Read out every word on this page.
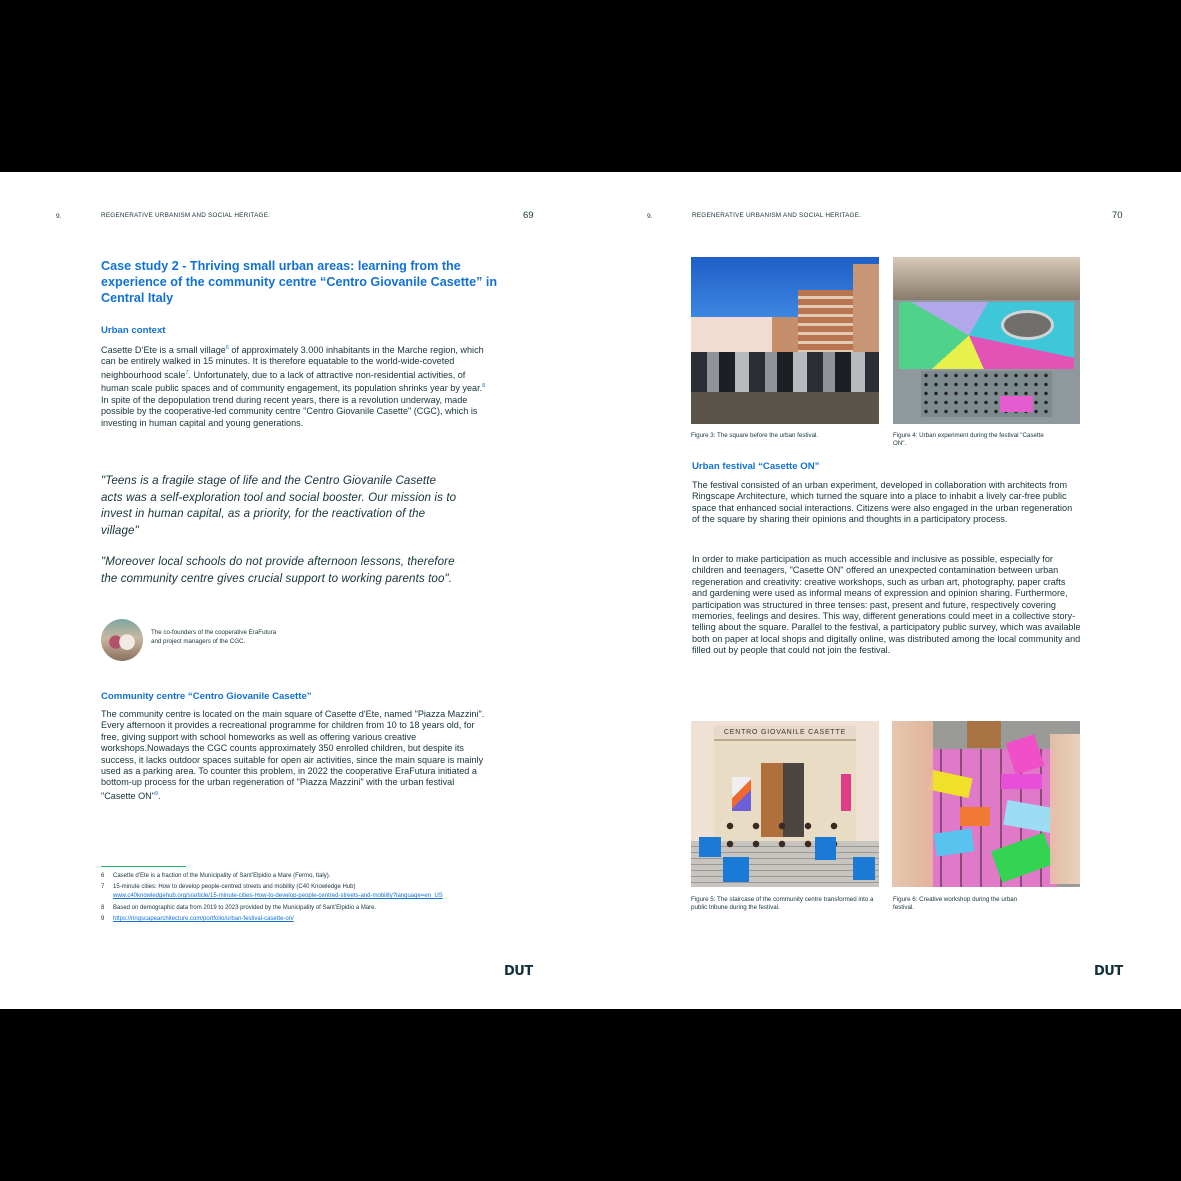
9.	REGENERATIVE URBANISM AND SOCIAL HERITAGE.	69
Case study 2 - Thriving small urban areas: learning from the experience of the community centre “Centro Giovanile Casette” in Central Italy
Urban context

Casette D’Ete is a small village$^6$ of approximately 3.000 inhabitants in the Marche region, which can be entirely walked in 15 minutes. It is therefore equatable to the world-wide-coveted neighbourhood scale$^7$. Unfortunately, due to a lack of attractive non-residential activities, of human scale public spaces and of community engagement, its population shrinks year by year.$^8$ In spite of the depopulation trend during recent years, there is a revolution underway, made possible by the cooperative-led community centre "Centro Giovanile Casette" (CGC), which is investing in human capital and young generations.

"Teens is a fragile stage of life and the Centro Giovanile Casette acts was a self-exploration tool and social booster. Our mission is to invest in human capital, as a priority, for the reactivation of the village"

"Moreover local schools do not provide afternoon lessons, therefore the community centre gives crucial support to working parents too".

The co-founders of the cooperative EraFutura
and project managers of the CGC.
Community centre “Centro Giovanile Casette”

The community centre is located on the main square of Casette d'Ete, named "Piazza Mazzini". Every afternoon it provides a recreational programme for children from 10 to 18 years old, for free, giving support with school homeworks as well as offering various creative workshops.Nowadays the CGC counts approximately 350 enrolled children, but despite its success, it lacks outdoor spaces suitable for open air activities, since the main square is mainly used as a parking area. To counter this problem, in 2022 the cooperative EraFutura initiated a bottom-up process for the urban regeneration of "Piazza Mazzini" with the urban festival "Casette ON"$^9$.

6	Casette d’Ete is a fraction of the Municipality of Sant’Elpidio a Mare (Fermo, Italy).
7	15-minute cities: How to develop people-centred streets and mobility (C40 Knowledge Hub)
www.c40knowledgehub.org/s/article/15-minute-cities-How-to-develop-people-centred-streets-and-mobility?language=en_US
8	Based on demographic data from 2019 to 2023 provided by the Municipality of Sant’Elpidio a Mare.
9	https://ringscapearchitecture.com/portfolio/urban-festival-casette-on/
DUT
9.	REGENERATIVE URBANISM AND SOCIAL HERITAGE.	70
Figure 3: The square before the urban festival.	Figure 4: Urban experiment during the festival "Casette ON".
Urban festival “Casette ON”

The festival consisted of an urban experiment, developed in collaboration with architects from Ringscape Architecture, which turned the square into a place to inhabit a lively car-free public space that enhanced social interactions. Citizens were also engaged in the urban regeneration of the square by sharing their opinions and thoughts in a participatory process.

In order to make participation as much accessible and inclusive as possible, especially for children and teenagers, "Casette ON" offered an unexpected contamination between urban regeneration and creativity: creative workshops, such as urban art, photography, paper crafts and gardening were used as informal means of expression and opinion sharing. Furthermore, participation was structured in three tenses: past, present and future, respectively covering memories, feelings and desires. This way, different generations could meet in a collective story-telling about the square. Parallel to the festival, a participatory public survey, which was available both on paper at local shops and digitally online, was distributed among the local community and filled out by people that could not join the festival.

CENTRO GIOVANILE CASETTE
Figure 5: The staircase of the community centre transformed into a public tribune during the festival.
Figure 6: Creative workshop during the urban festival.
DUT
